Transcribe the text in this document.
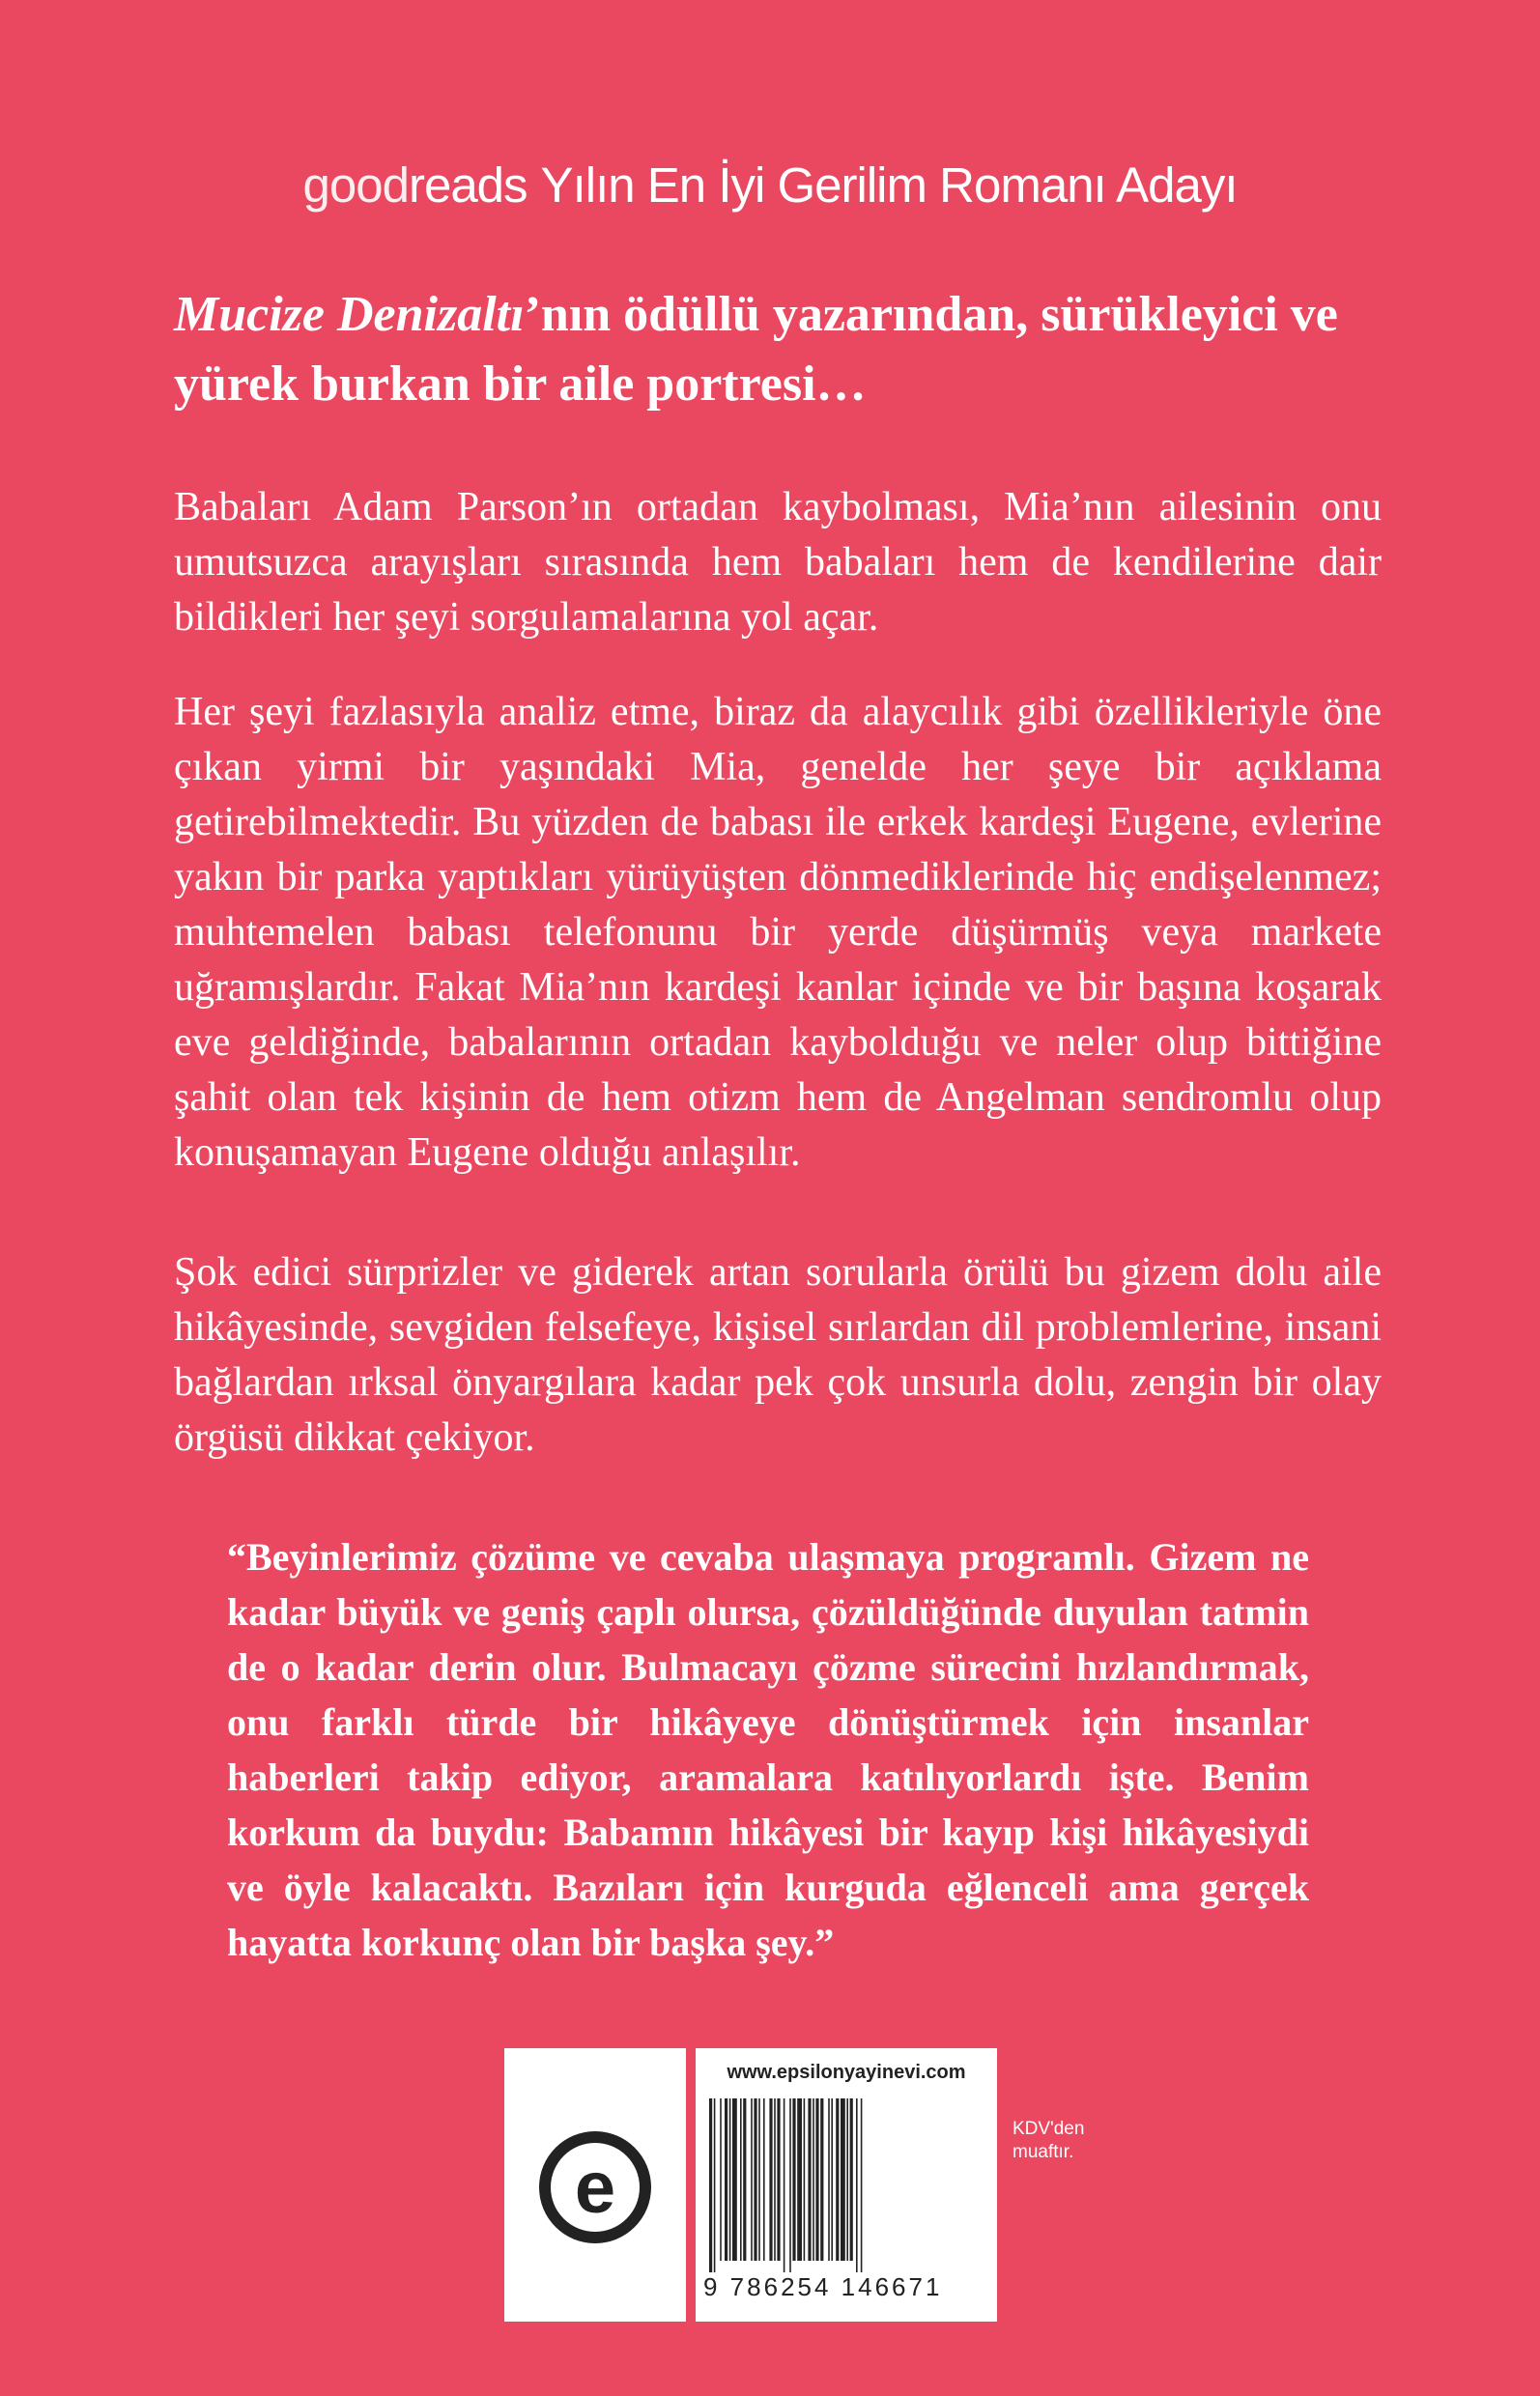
goodreads Yılın En İyi Gerilim Romanı Adayı

Mucize Denizaltı’nın ödüllü yazarından, sürükleyici ve yürek burkan bir aile portresi…

Babaları Adam Parson’ın ortadan kaybolması, Mia’nın ailesinin onu umutsuzca arayışları sırasında hem babaları hem de kendilerine dair bildikleri her şeyi sorgulamalarına yol açar.

Her şeyi fazlasıyla analiz etme, biraz da alaycılık gibi özellikleriyle öne çıkan yirmi bir yaşındaki Mia, genelde her şeye bir açıklama getirebilmektedir. Bu yüzden de babası ile erkek kardeşi Eugene, evlerine yakın bir parka yaptıkları yürüyüşten dönmediklerinde hiç endişelenmez; muhtemelen babası telefonunu bir yerde düşürmüş veya markete uğramışlardır. Fakat Mia’nın kardeşi kanlar içinde ve bir başına koşarak eve geldiğinde, babalarının ortadan kaybolduğu ve neler olup bittiğine şahit olan tek kişinin de hem otizm hem de Angelman sendromlu olup konuşamayan Eugene olduğu anlaşılır.

Şok edici sürprizler ve giderek artan sorularla örülü bu gizem dolu aile hikâyesinde, sevgiden felsefeye, kişisel sırlardan dil problemlerine, insani bağlardan ırksal önyargılara kadar pek çok unsurla dolu, zengin bir olay örgüsü dikkat çekiyor.

“Beyinlerimiz çözüme ve cevaba ulaşmaya programlı. Gizem ne kadar büyük ve geniş çaplı olursa, çözüldüğünde duyulan tatmin de o kadar derin olur. Bulmacayı çözme sürecini hızlandırmak, onu farklı türde bir hikâyeye dönüştürmek için insanlar haberleri takip ediyor, aramalara katılıyorlardı işte. Benim korkum da buydu: Babamın hikâyesi bir kayıp kişi hikâyesiydi ve öyle kalacaktı. Bazıları için kurguda eğlenceli ama gerçek hayatta korkunç olan bir başka şey.”

e
www.epsilonyayinevi.com
9 786254 146671
KDV'den muaftır.
